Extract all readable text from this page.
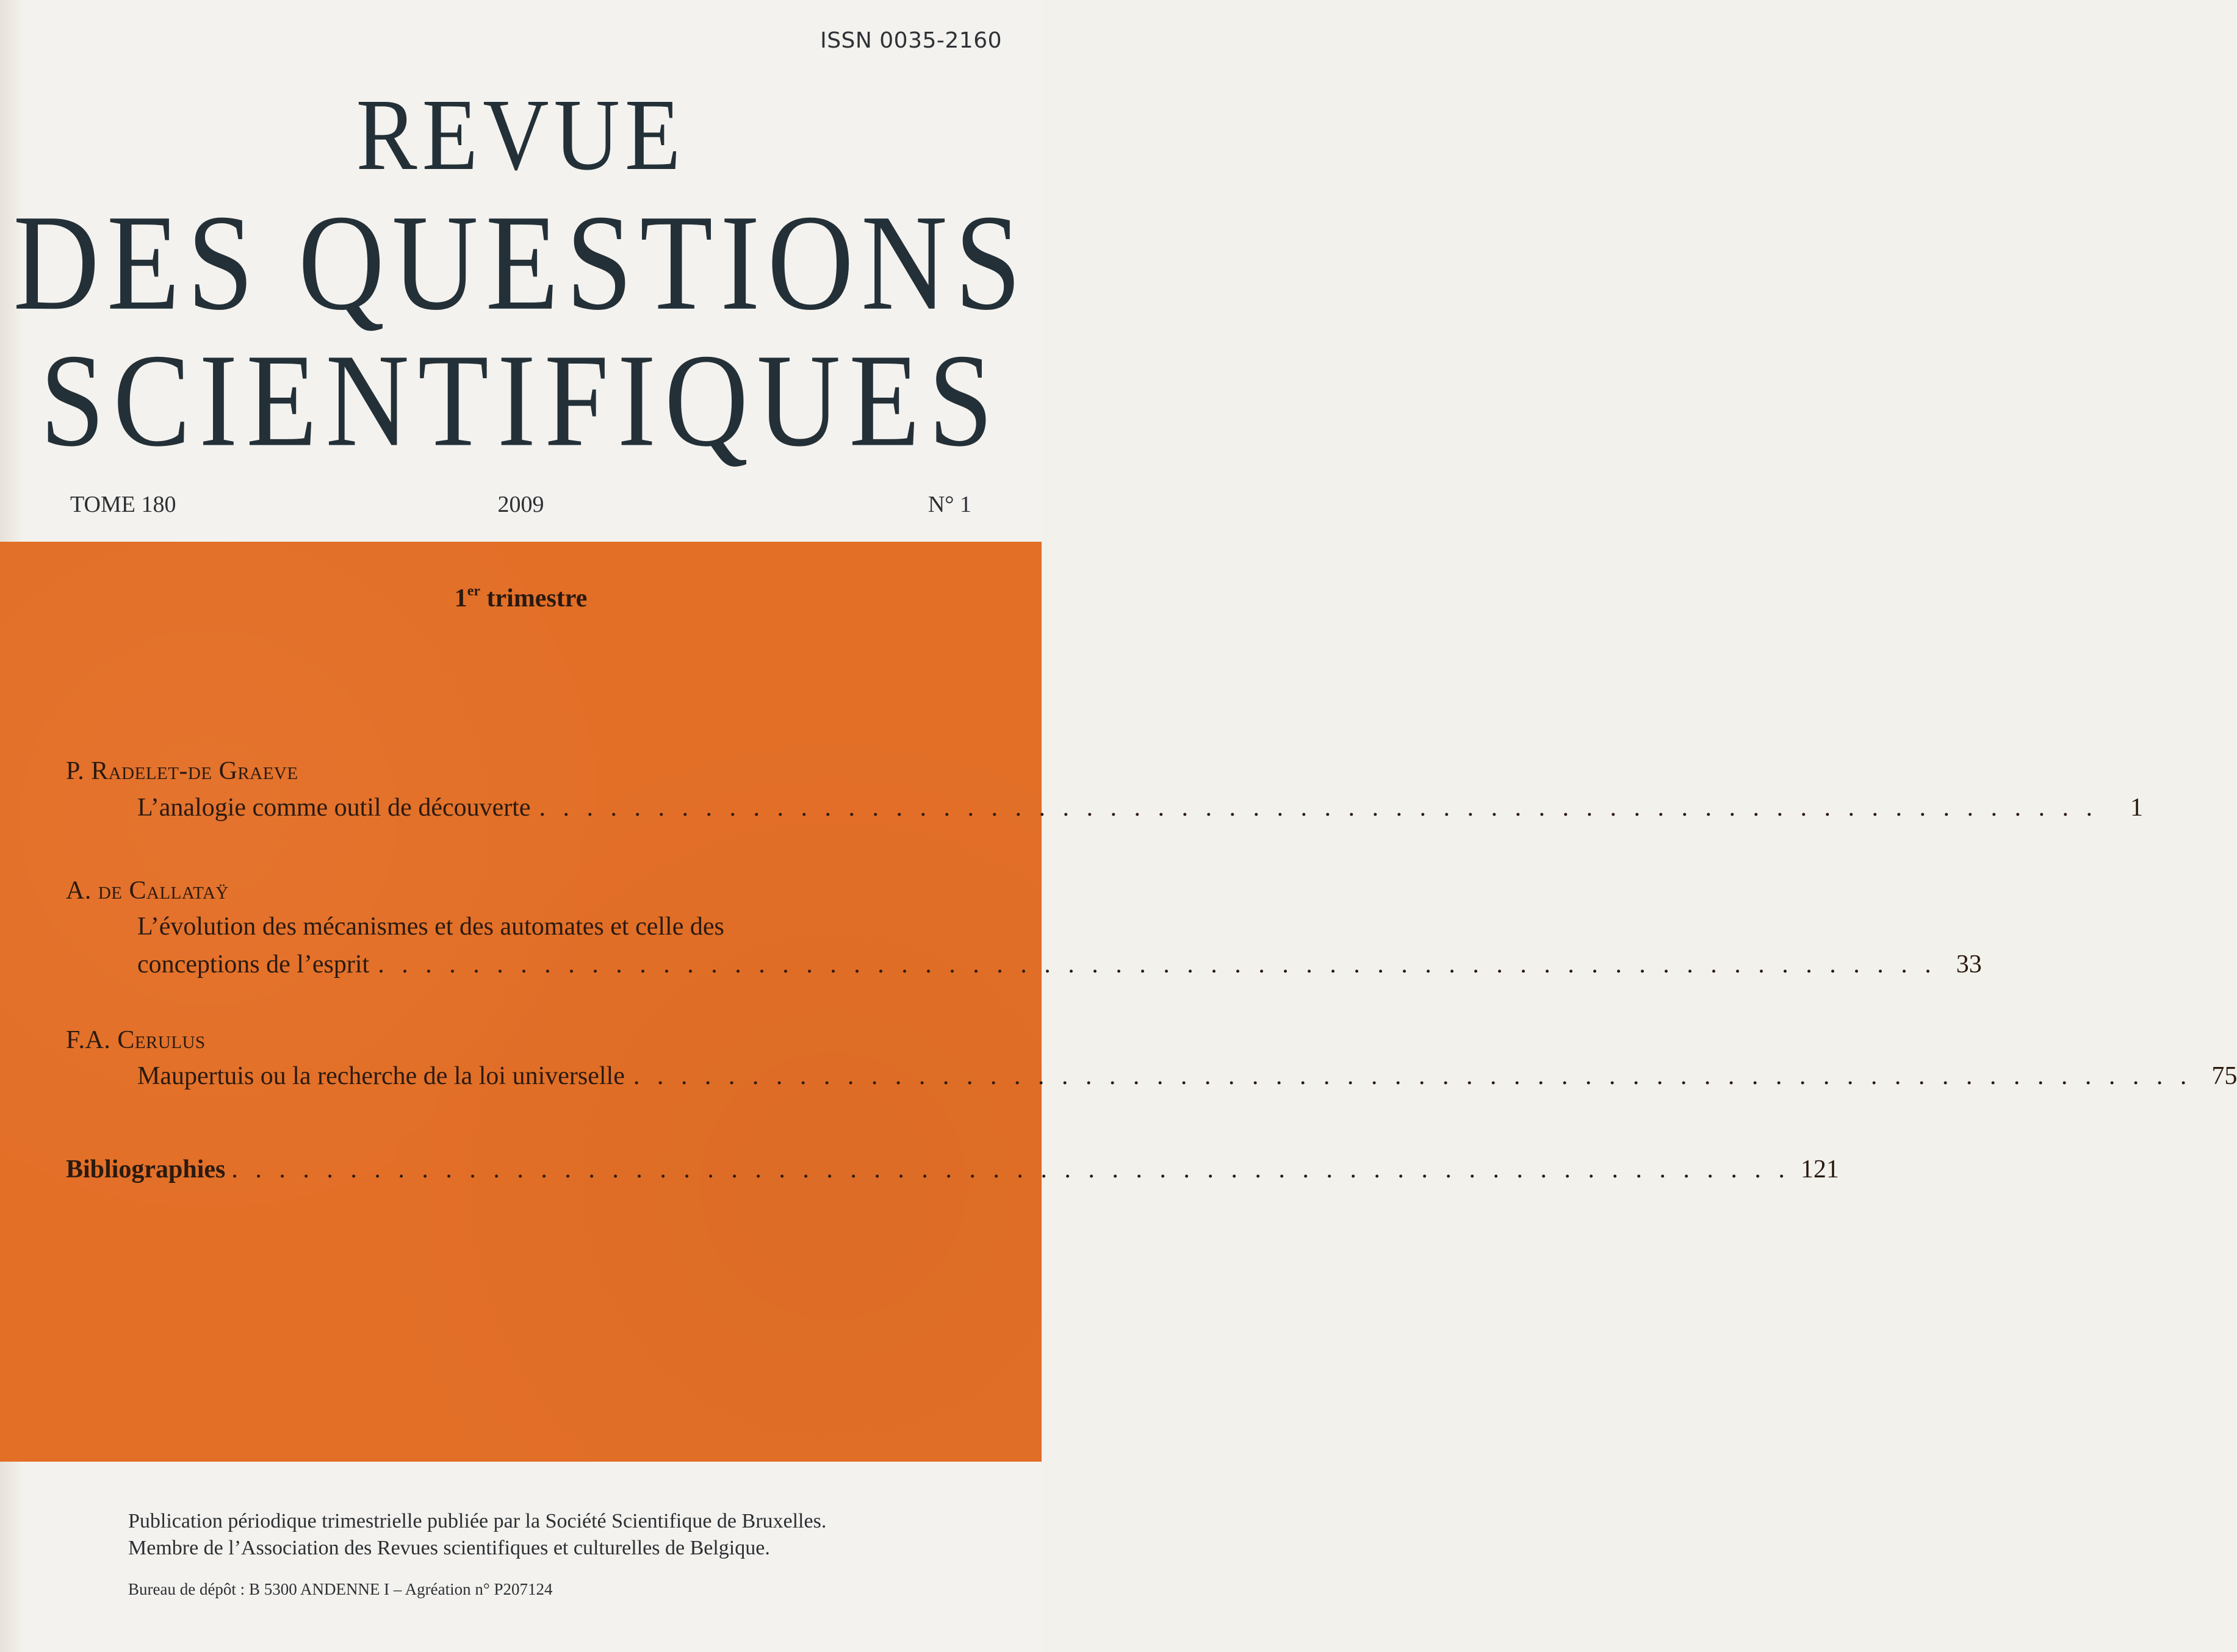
ISSN 0035-2160
REVUE
DES QUESTIONS
SCIENTIFIQUES
TOME 180	2009	N° 1
1er trimestre
P. Radelet-de Graeve
L’analogie comme outil de découverte . . . . . . . . . . . . . . . . . . . . . . . . . . . . . . . . . . . . . . . . . . . . . . . . . . . . . . . . . . . . . . . . . .	1
A. de Callataÿ
L’évolution des mécanismes et des automates et celle des
conceptions de l’esprit . . . . . . . . . . . . . . . . . . . . . . . . . . . . . . . . . . . . . . . . . . . . . . . . . . . . . . . . . . . . . . . . . . 33
F.A. Cerulus
Maupertuis ou la recherche de la loi universelle . . . . . . . . . . . . . . . . . . . . . . . . . . . . . . . . . . . . . . . . . . . . . . . . . . . . . . . . . . . . . . . . . . 75
Bibliographies . . . . . . . . . . . . . . . . . . . . . . . . . . . . . . . . . . . . . . . . . . . . . . . . . . . . . . . . . . . . . . . . . . 121
Publication périodique trimestrielle publiée par la Société Scientifique de Bruxelles.
Membre de l’Association des Revues scientifiques et culturelles de Belgique.
Bureau de dépôt : B 5300 ANDENNE I – Agréation n° P207124
